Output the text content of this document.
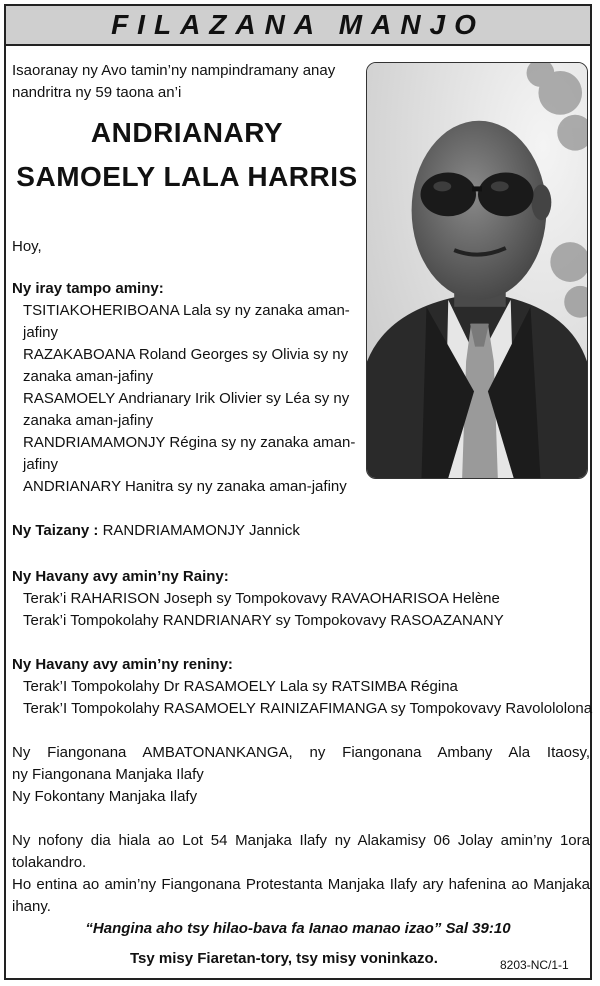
FILAZANA MANJO
Isaoranay ny Avo tamin’ny nampindramany anay
nandritra ny 59 taona an’i
ANDRIANARY
SAMOELY LALA HARRIS
Hoy,
Ny iray tampo aminy:
TSITIAKOHERIBOANA Lala sy ny zanaka aman-
jafiny
RAZAKABOANA Roland Georges sy Olivia sy ny
zanaka aman-jafiny
RASAMOELY Andrianary Irik Olivier sy Léa sy ny
zanaka aman-jafiny
RANDRIAMAMONJY Régina sy ny zanaka aman-
jafiny
ANDRIANARY Hanitra sy ny zanaka aman-jafiny
Ny Taizany : RANDRIAMAMONJY Jannick
Ny Havany avy amin’ny Rainy:
Terak’i RAHARISON Joseph sy Tompokovavy RAVAOHARISOA Helène
Terak’i Tompokolahy RANDRIANARY sy Tompokovavy RASOAZANANY
Ny Havany avy amin’ny reniny:
Terak’I Tompokolahy Dr RASAMOELY Lala sy RATSIMBA Régina
Terak’I Tompokolahy RASAMOELY RAINIZAFIMANGA sy Tompokovavy Ravolololona
Ny Fiangonana AMBATONANKANGA, ny Fiangonana Ambany Ala Itaosy,
ny Fiangonana Manjaka Ilafy
Ny Fokontany Manjaka Ilafy
Ny nofony dia hiala ao Lot 54 Manjaka Ilafy ny Alakamisy 06 Jolay amin’ny 1ora
tolakandro.
Ho entina ao amin’ny Fiangonana Protestanta Manjaka Ilafy ary hafenina ao Manjaka
ihany.
“Hangina aho tsy hilao-bava fa Ianao manao izao” Sal 39:10
Tsy misy Fiaretan-tory, tsy misy voninkazo.	8203-NC/1-1
